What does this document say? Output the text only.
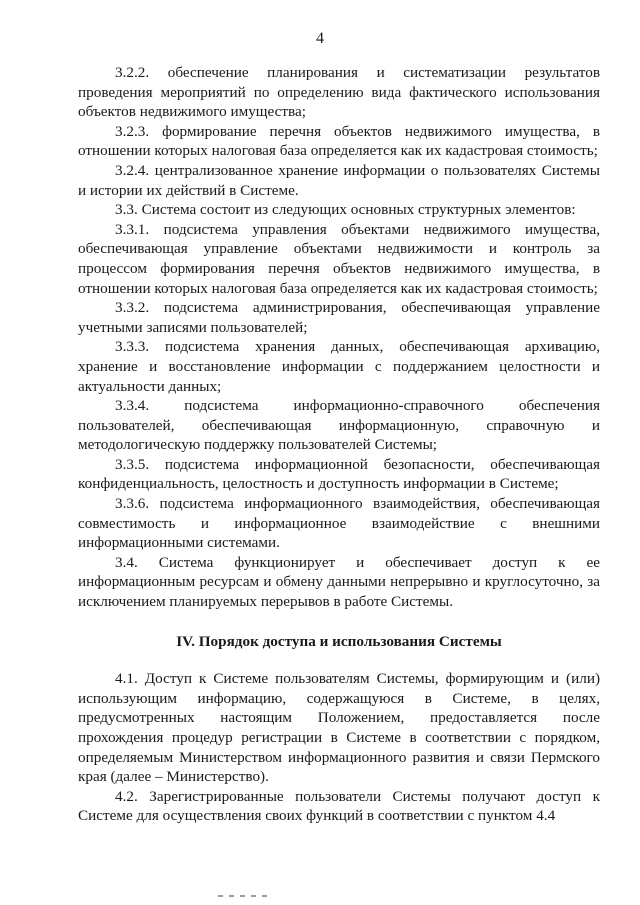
4

3.2.2. обеспечение планирования и систематизации результатов проведения мероприятий по определению вида фактического использования объектов недвижимого имущества;

3.2.3. формирование перечня объектов недвижимого имущества, в отношении которых налоговая база определяется как их кадастровая стоимость;

3.2.4. централизованное хранение информации о пользователях Системы и истории их действий в Системе.

3.3. Система состоит из следующих основных структурных элементов:

3.3.1. подсистема управления объектами недвижимого имущества, обеспечивающая управление объектами недвижимости и контроль за процессом формирования перечня объектов недвижимого имущества, в отношении которых налоговая база определяется как их кадастровая стоимость;

3.3.2. подсистема администрирования, обеспечивающая управление учетными записями пользователей;

3.3.3. подсистема хранения данных, обеспечивающая архивацию, хранение и восстановление информации с поддержанием целостности и актуальности данных;

3.3.4. подсистема информационно-справочного обеспечения пользователей, обеспечивающая информационную, справочную и методологическую поддержку пользователей Системы;

3.3.5. подсистема информационной безопасности, обеспечивающая конфиденциальность, целостность и доступность информации в Системе;

3.3.6. подсистема информационного взаимодействия, обеспечивающая совместимость и информационное взаимодействие с внешними информационными системами.

3.4. Система функционирует и обеспечивает доступ к ее информационным ресурсам и обмену данными непрерывно и круглосуточно, за исключением планируемых перерывов в работе Системы.

IV. Порядок доступа и использования Системы

4.1. Доступ к Системе пользователям Системы, формирующим и (или) использующим информацию, содержащуюся в Системе, в целях, предусмотренных настоящим Положением, предоставляется после прохождения процедур регистрации в Системе в соответствии с порядком, определяемым Министерством информационного развития и связи Пермского края (далее – Министерство).

4.2. Зарегистрированные пользователи Системы получают доступ к Системе для осуществления своих функций в соответствии с пунктом 4.4
